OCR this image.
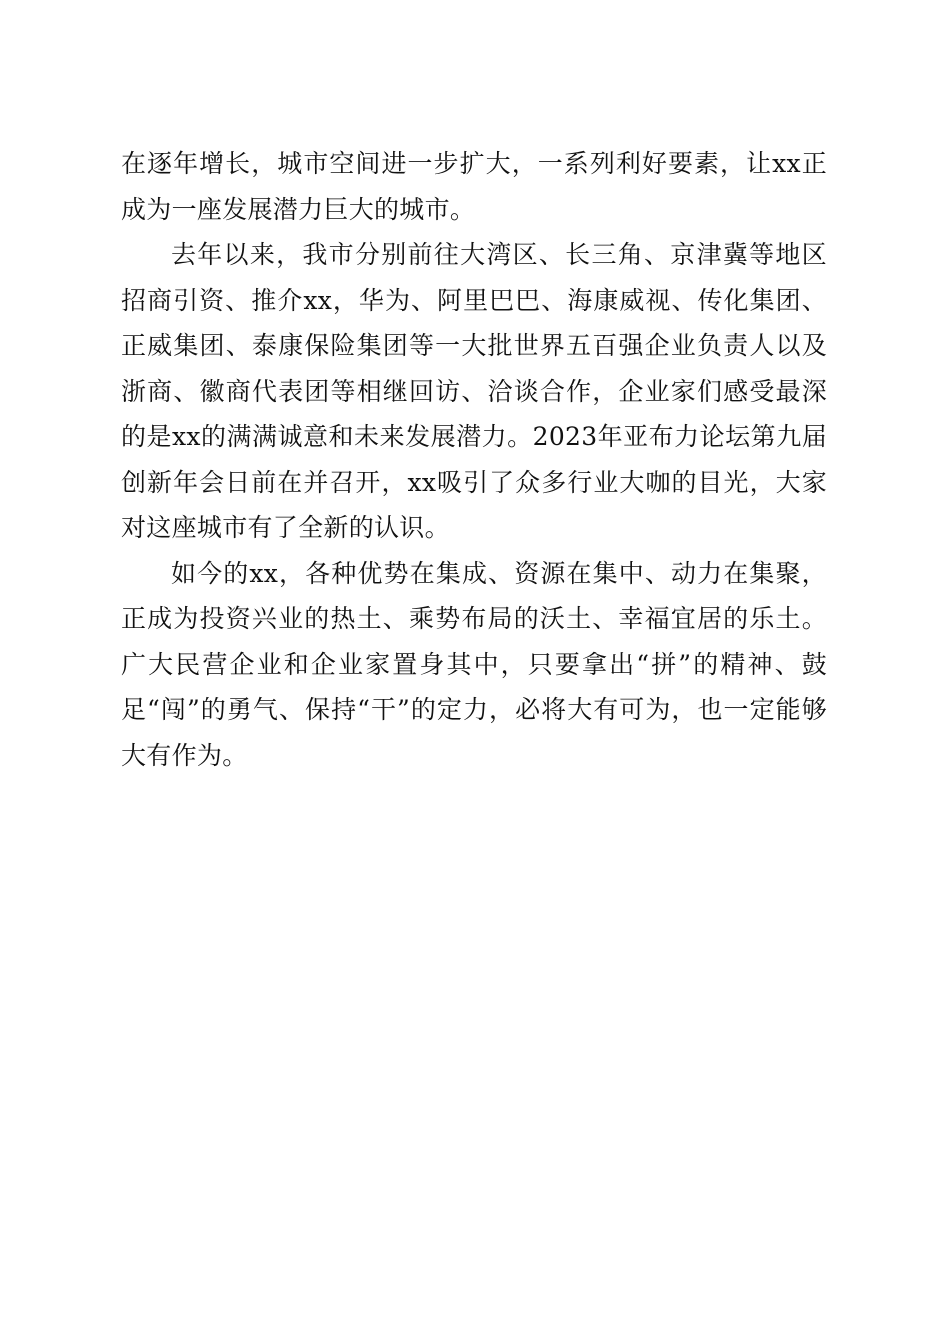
在逐年增长，城市空间进一步扩大，一系列利好要素，让xx正成为一座发展潜力巨大的城市。

去年以来，我市分别前往大湾区、长三角、京津冀等地区招商引资、推介xx，华为、阿里巴巴、海康威视、传化集团、正威集团、泰康保险集团等一大批世界五百强企业负责人以及浙商、徽商代表团等相继回访、洽谈合作，企业家们感受最深的是xx的满满诚意和未来发展潜力。2023年亚布力论坛第九届创新年会日前在并召开，xx吸引了众多行业大咖的目光，大家对这座城市有了全新的认识。

如今的xx，各种优势在集成、资源在集中、动力在集聚，正成为投资兴业的热土、乘势布局的沃土、幸福宜居的乐土。广大民营企业和企业家置身其中，只要拿出“拼”的精神、鼓足“闯”的勇气、保持“干”的定力，必将大有可为，也一定能够大有作为。
